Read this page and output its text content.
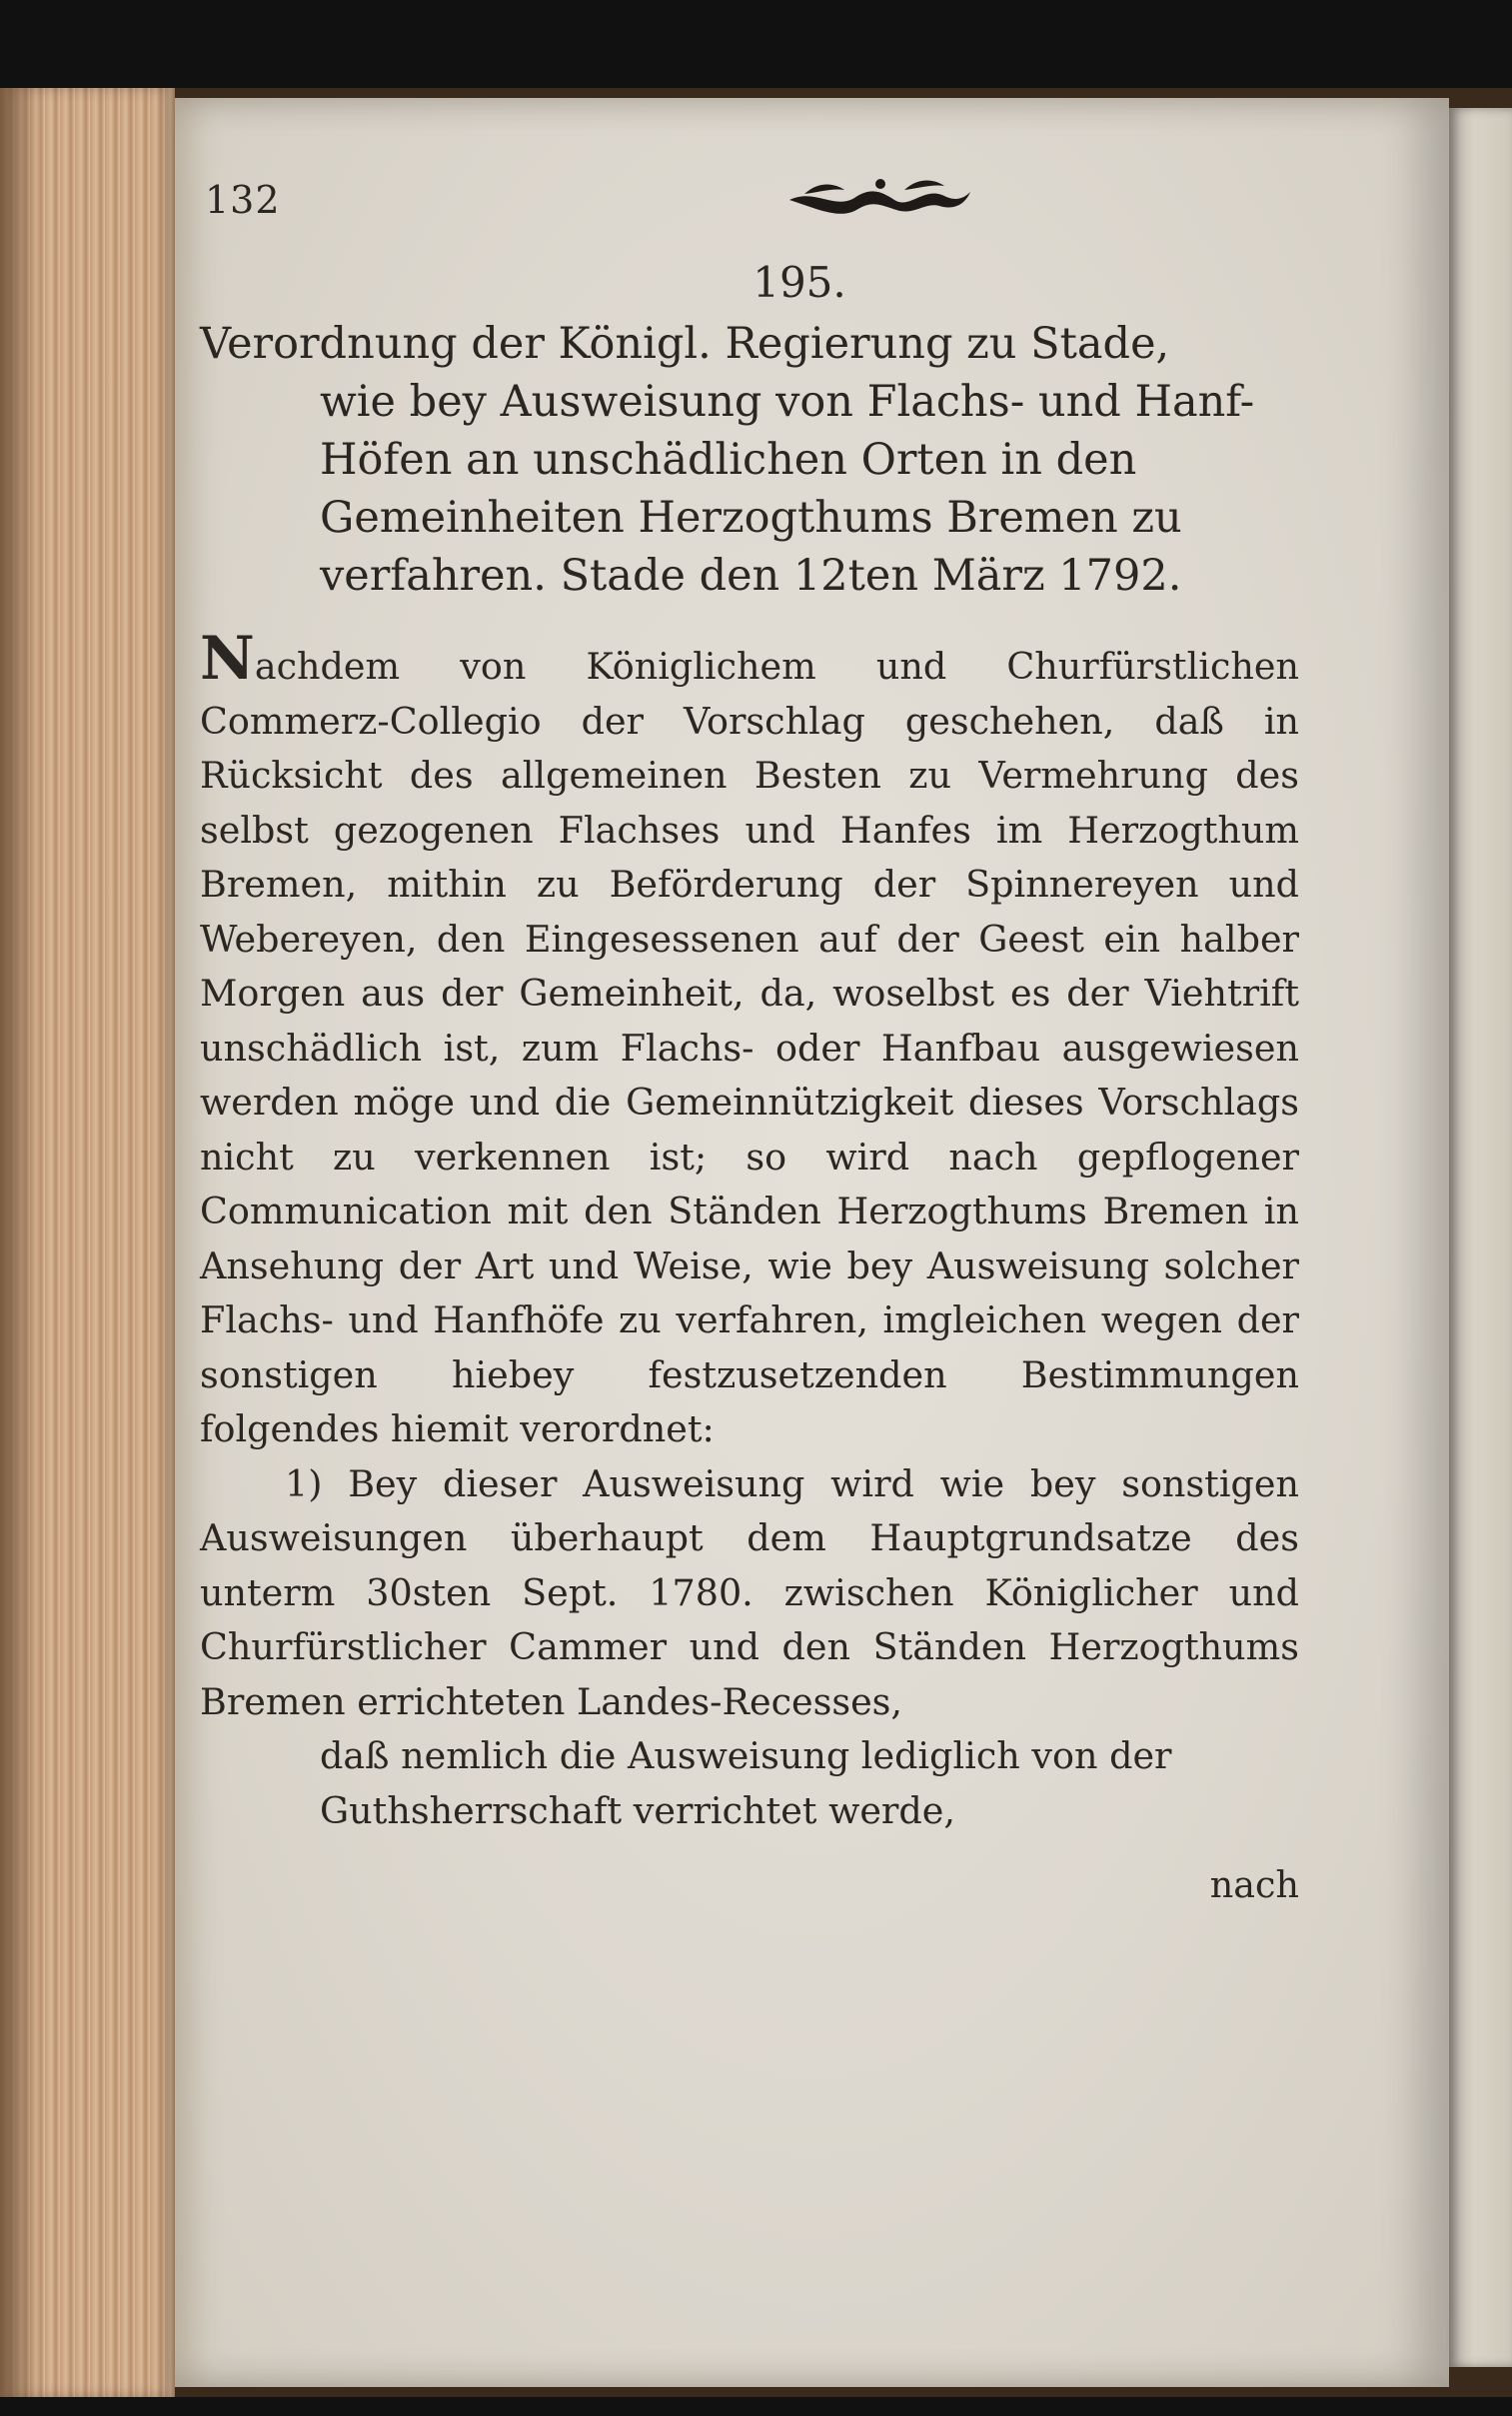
132
195.
Verordnung der Königl. Regierung zu Stade,
wie bey Ausweisung von Flachs- und Hanf-Höfen an unschädlichen Orten in den Gemeinheiten Herzogthums Bremen zu verfahren. Stade den 12ten März 1792.

Nachdem von Königlichem und Churfürstlichen Commerz-Collegio der Vorschlag geschehen, daß in Rücksicht des allgemeinen Besten zu Vermehrung des selbst gezogenen Flachses und Hanfes im Herzogthum Bremen, mithin zu Beförderung der Spinnereyen und Webereyen, den Eingesessenen auf der Geest ein halber Morgen aus der Gemeinheit, da, woselbst es der Viehtrift unschädlich ist, zum Flachs- oder Hanfbau ausgewiesen werden möge und die Gemeinnützigkeit dieses Vorschlags nicht zu verkennen ist; so wird nach gepflogener Communication mit den Ständen Herzogthums Bremen in Ansehung der Art und Weise, wie bey Ausweisung solcher Flachs- und Hanfhöfe zu verfahren, imgleichen wegen der sonstigen hiebey festzusetzenden Bestimmungen folgendes hiemit verordnet:

1) Bey dieser Ausweisung wird wie bey sonstigen Ausweisungen überhaupt dem Hauptgrundsatze des unterm 30sten Sept. 1780. zwischen Königlicher und Churfürstlicher Cammer und den Ständen Herzogthums Bremen errichteten Landes-Recesses,

daß nemlich die Ausweisung lediglich von der Guthsherrschaft verrichtet werde,

nach
